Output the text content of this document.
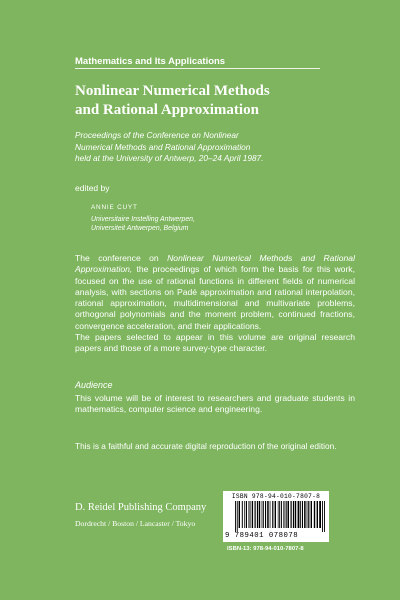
Mathematics and Its Applications
Nonlinear Numerical Methods
and Rational Approximation
Proceedings of the Conference on Nonlinear
Numerical Methods and Rational Approximation
held at the University of Antwerp, 20–24 April 1987.
edited by
ANNIE CUYT
Universitaire Instelling Antwerpen,
Universiteit Antwerpen, Belgium

The conference on Nonlinear Numerical Methods and Rational Approximation, the proceedings of which form the basis for this work, focused on the use of rational functions in different fields of numerical analysis, with sections on Padé approximation and rational interpolation, rational approximation, multidimensional and multivariate problems, orthogonal polynomials and the moment problem, continued fractions, convergence acceleration, and their applications.

The papers selected to appear in this volume are original research papers and those of a more survey-type character.

Audience
This volume will be of interest to researchers and graduate students in mathematics, computer science and engineering.
This is a faithful and accurate digital reproduction of the original edition.
D. Reidel Publishing Company
Dordrecht / Boston / Lancaster / Tokyo
ISBN 978-94-010-7807-8
9 789401 078078
ISBN-13: 978-94-010-7807-8
